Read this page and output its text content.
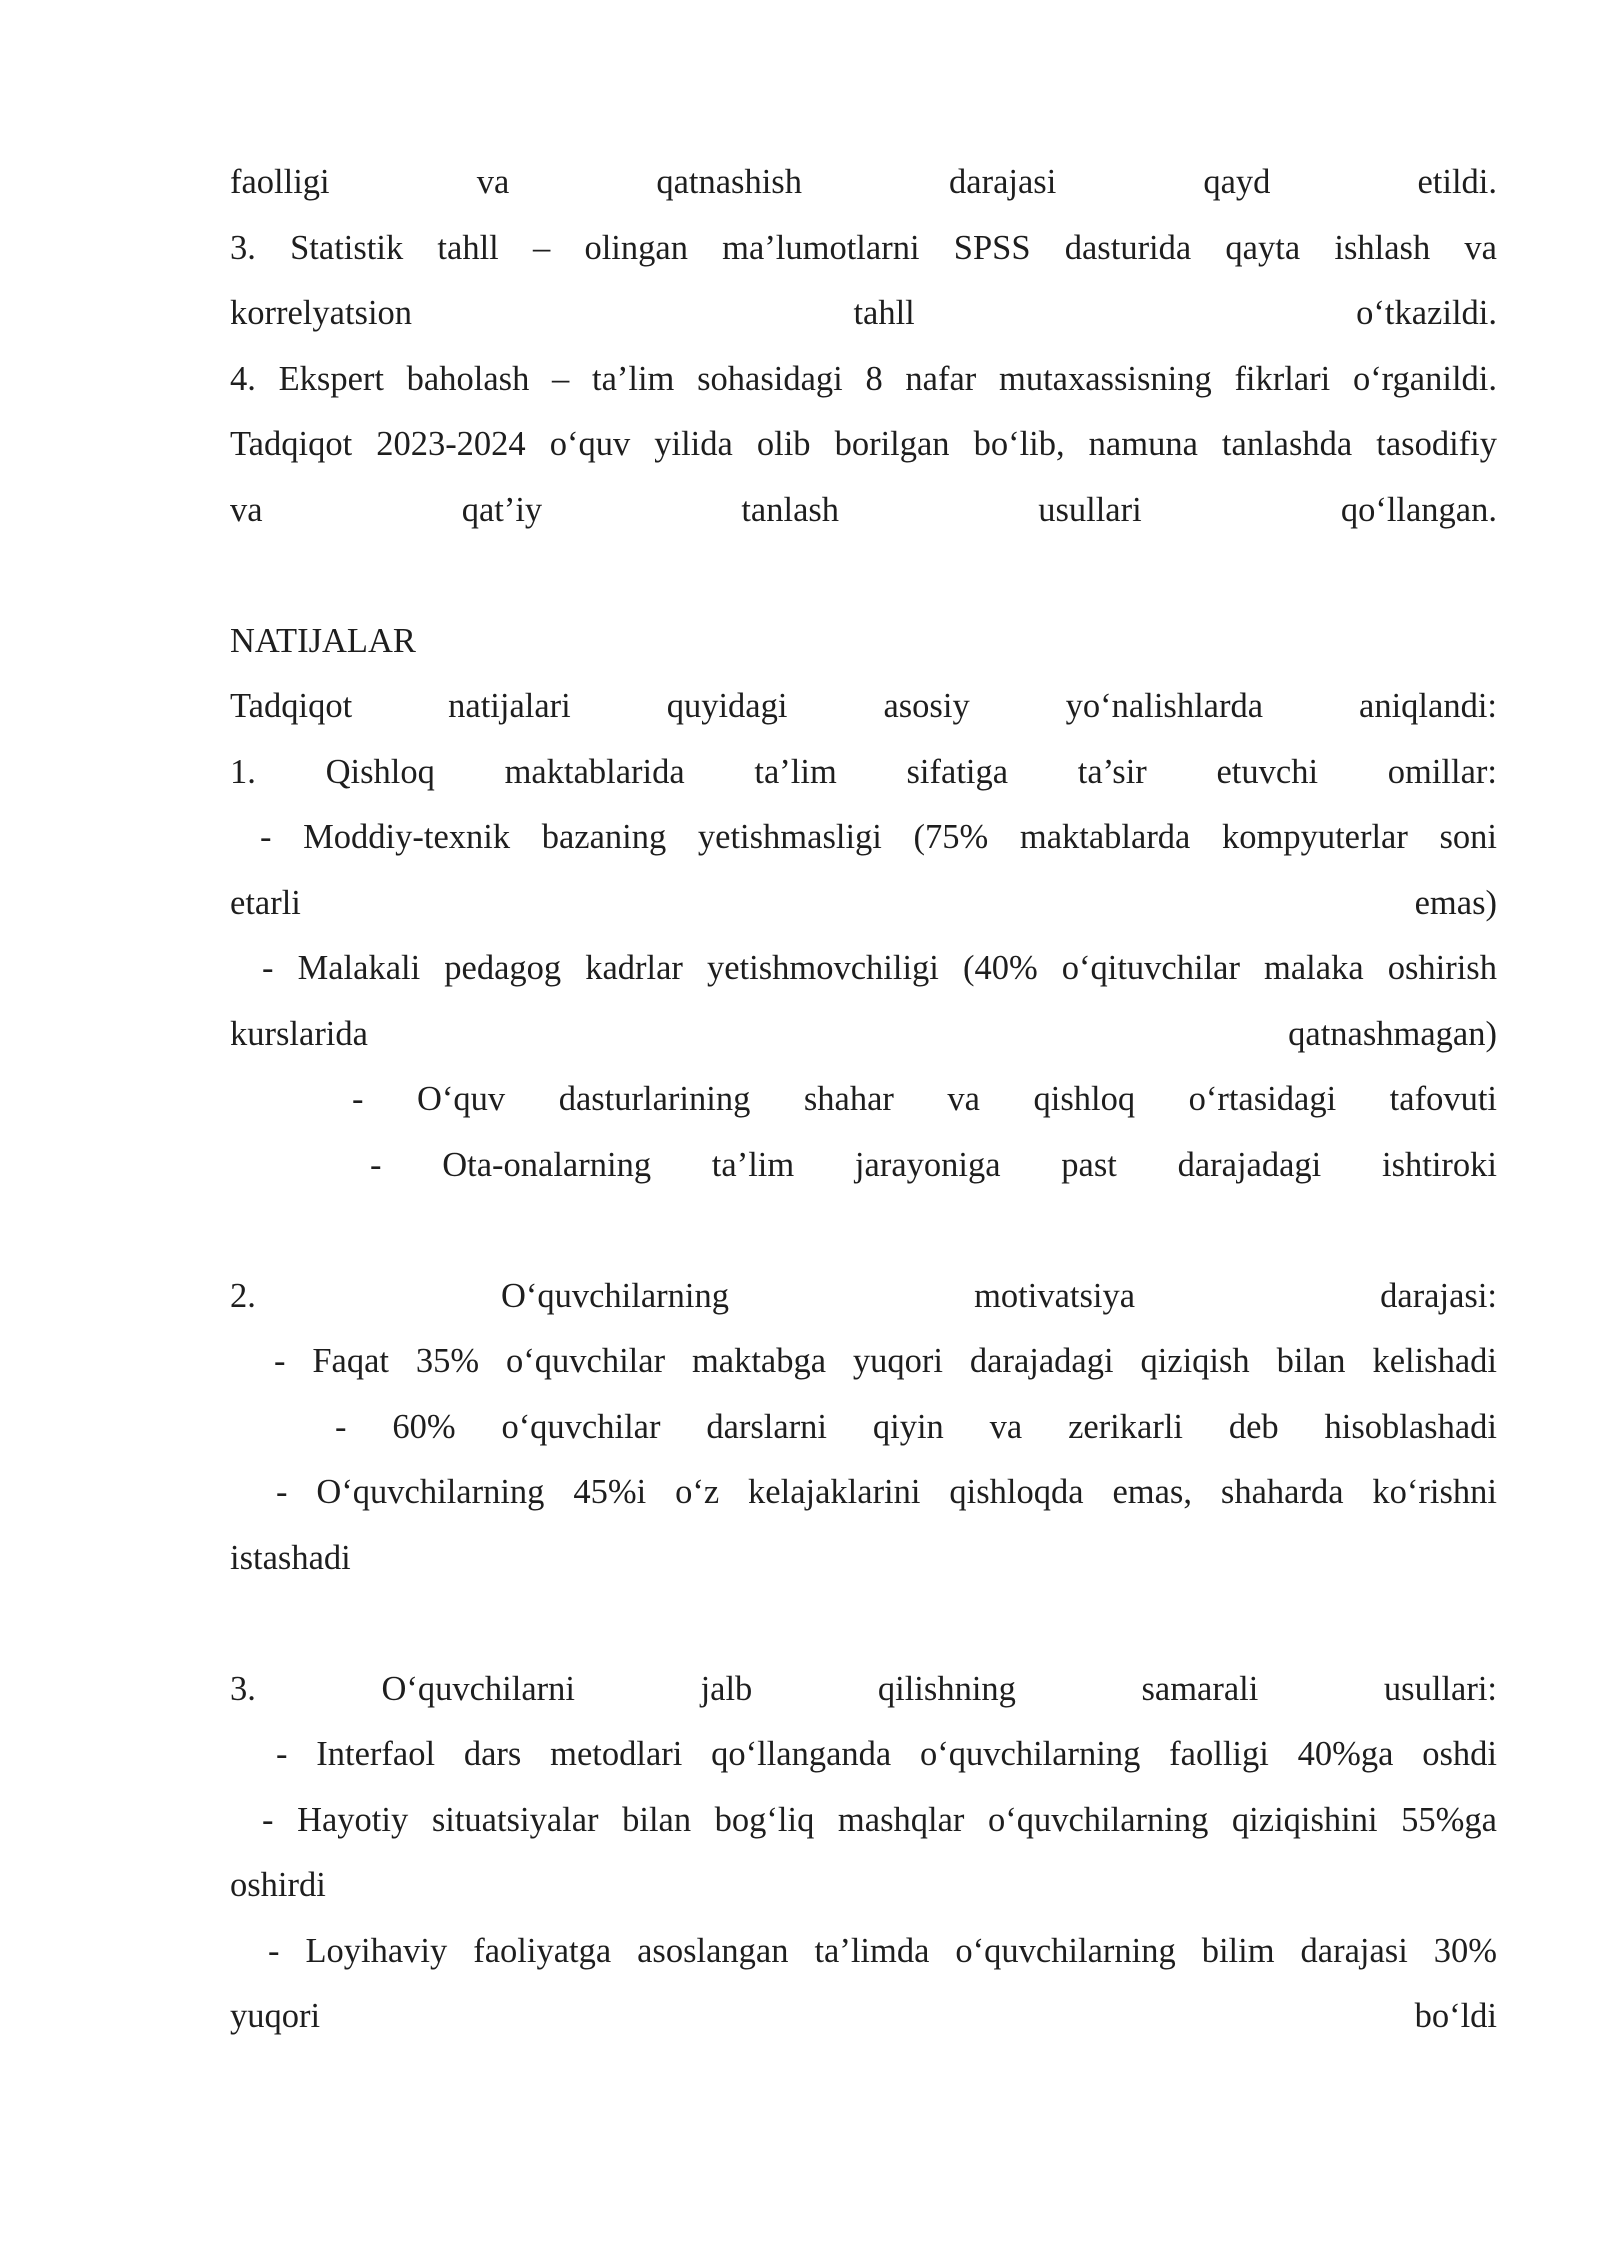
faolligi va qatnashish darajasi qayd etildi.
3. Statistik tahll – olingan ma’lumotlarni SPSS dasturida qayta ishlash va
korrelyatsion tahll o‘tkazildi.
4. Ekspert baholash – ta’lim sohasidagi 8 nafar mutaxassisning fikrlari o‘rganildi.
Tadqiqot 2023-2024 o‘quv yilida olib borilgan bo‘lib, namuna tanlashda tasodifiy
va qat’iy tanlash usullari qo‘llangan.
NATIJALAR
Tadqiqot natijalari quyidagi asosiy yo‘nalishlarda aniqlandi:
1. Qishloq maktablarida ta’lim sifatiga ta’sir etuvchi omillar:
- Moddiy-texnik bazaning yetishmasligi (75% maktablarda kompyuterlar soni
etarli emas)
- Malakali pedagog kadrlar yetishmovchiligi (40% o‘qituvchilar malaka oshirish
kurslarida qatnashmagan)
- O‘quv dasturlarining shahar va qishloq o‘rtasidagi tafovuti
- Ota-onalarning ta’lim jarayoniga past darajadagi ishtiroki
2. O‘quvchilarning motivatsiya darajasi:
- Faqat 35% o‘quvchilar maktabga yuqori darajadagi qiziqish bilan kelishadi
- 60% o‘quvchilar darslarni qiyin va zerikarli deb hisoblashadi
- O‘quvchilarning 45%i o‘z kelajaklarini qishloqda emas, shaharda ko‘rishni
istashadi
3. O‘quvchilarni jalb qilishning samarali usullari:
- Interfaol dars metodlari qo‘llanganda o‘quvchilarning faolligi 40%ga oshdi
- Hayotiy situatsiyalar bilan bog‘liq mashqlar o‘quvchilarning qiziqishini 55%ga
oshirdi
- Loyihaviy faoliyatga asoslangan ta’limda o‘quvchilarning bilim darajasi 30%
yuqori bo‘ldi
